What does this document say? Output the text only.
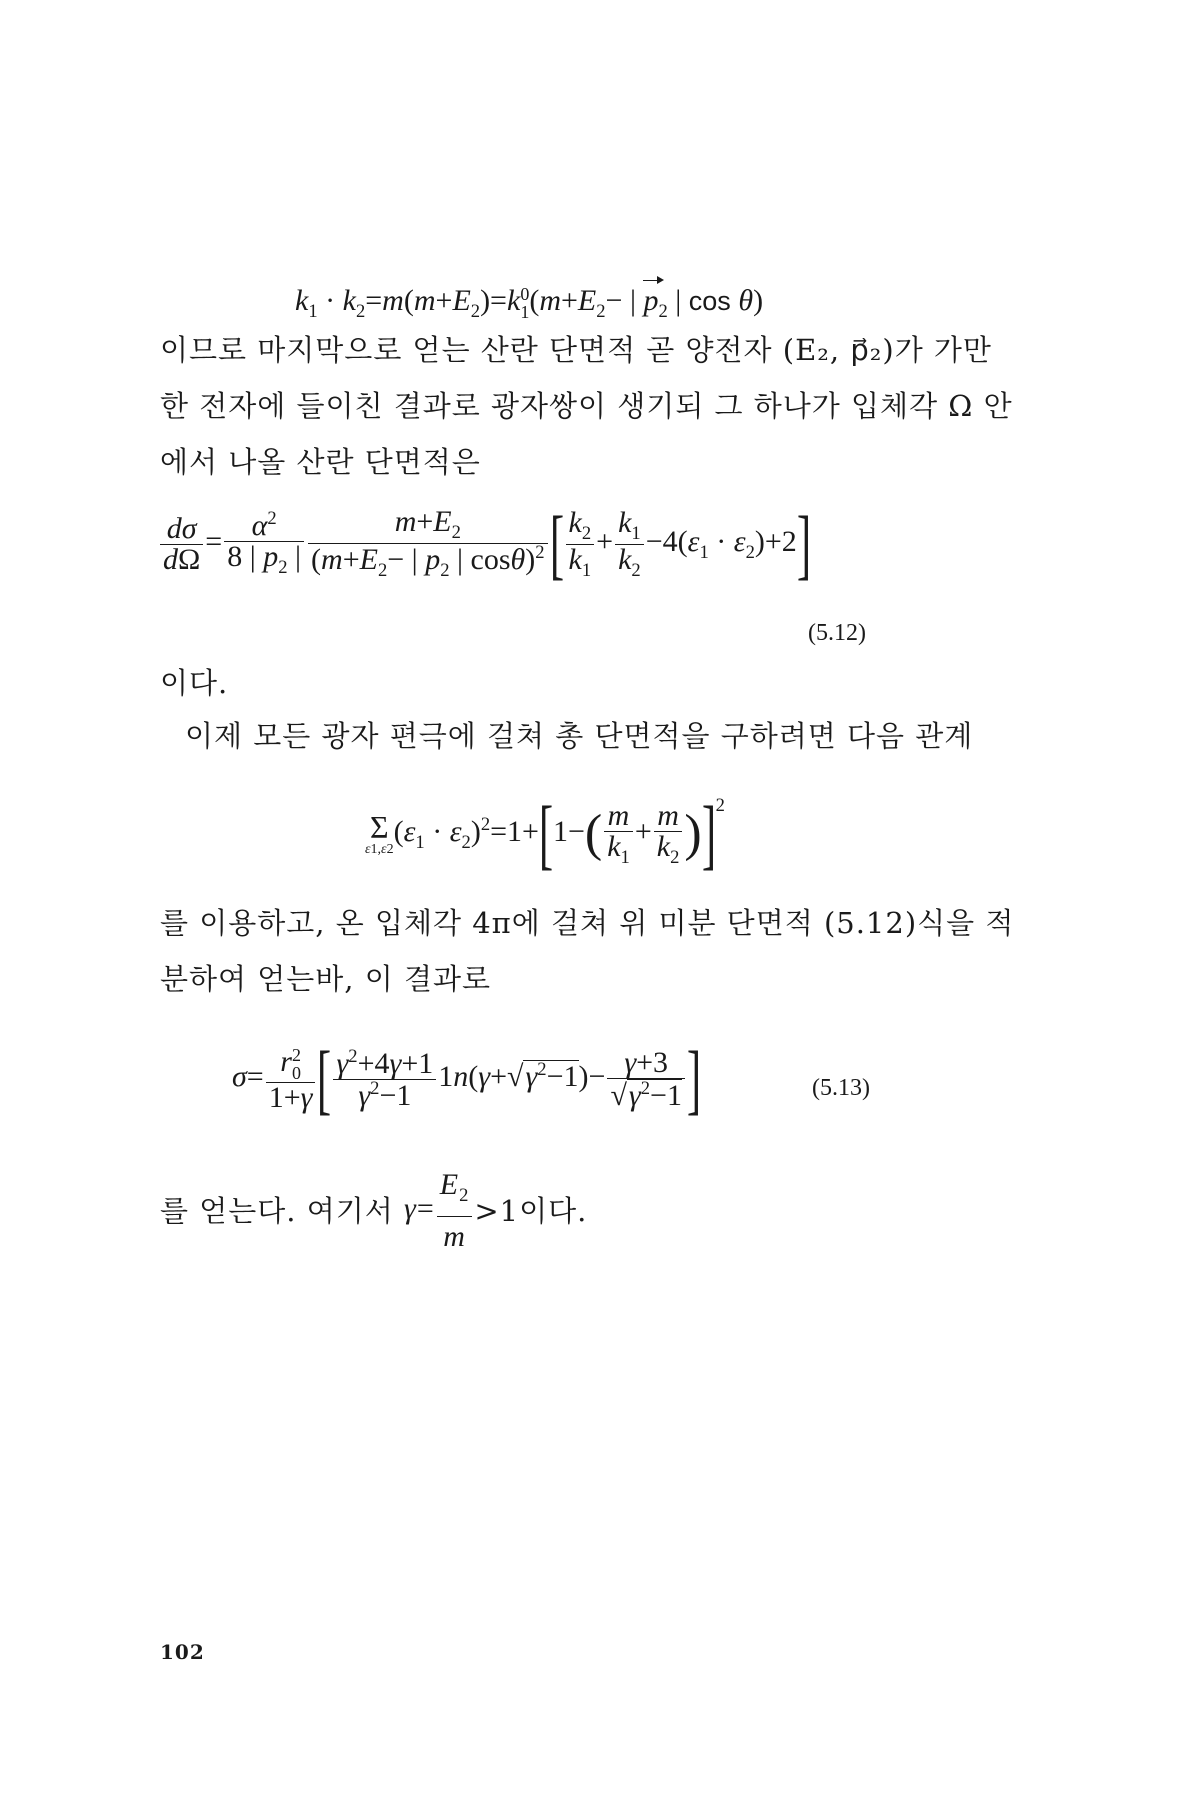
$k_1 \cdot k_2=m(m+E_2)=k$ 0
1 ($m+E_2-$ | $p_2$ | cos θ)
이므로 마지막으로 얻는 산란 단면적 곧 양전자 (E₂, p⃗₂)가 가만한 전자에 들이친 결과로 광자쌍이 생기되 그 하나가 입체각 Ω 안에서 나올 산란 단면적은
$\frac{d\sigma}{d\Omega} = \frac{\alpha^2}{8 | p_2 |} \frac{m+E_2}{(m+E_2- | p_2 | \cos\theta)^2}$ [ $\frac{k_2}{k_1} + \frac{k_1}{k_2} -4(\varepsilon_1 \cdot \varepsilon_2)+2$]
(5.12)
이다.
이제 모든 광자 편극에 걸쳐 총 단면적을 구하려면 다음 관계
Σ
ε1,ε2
$(\varepsilon_1 \cdot \varepsilon_2)^2=1+[1-( \frac{m}{k_1} + \frac{m}{k_2} )]^2$
를 이용하고, 온 입체각 4π에 걸쳐 위 미분 단면적 (5.12)식을 적분하여 얻는바, 이 결과로
σ= r 2
0
1+γ [ $\frac{\gamma^2+4\gamma+1}{\gamma^2-1} 1n(\gamma+√\gamma^2-1)- \frac{\gamma+3}{√\gamma^2-1}$ ]	(5.13)
를 얻는다. 여기서 $\gamma= \frac{E_2}{m} >1$이다.
102
